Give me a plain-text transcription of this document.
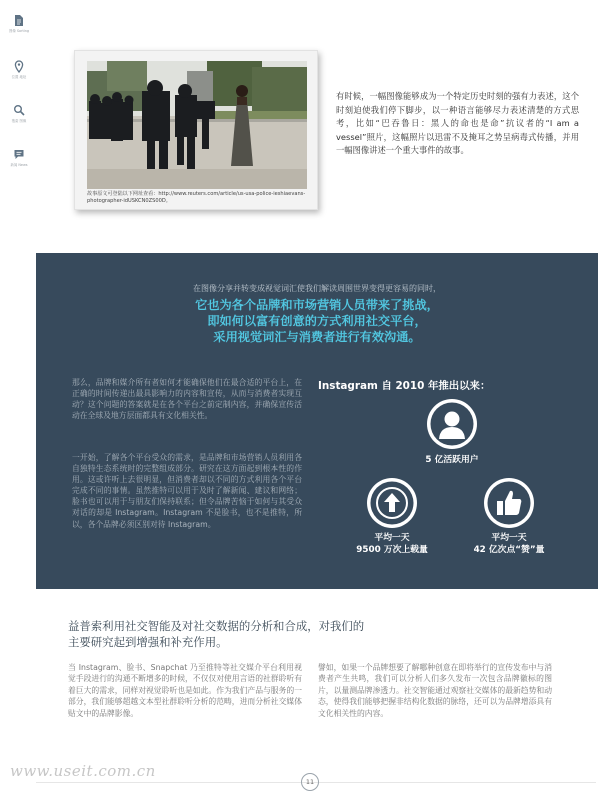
图像 Sorting
位置 地址
搜索 图像
新闻 News
故事原文可登陆以下网址查看：http://www.reuters.com/article/us-usa-police-ieshiaevans-photographer-idUSKCN0ZS00D。
有时候，一幅图像能够成为一个特定历史时刻的强有力表述，这个时刻迫使我们停下脚步，以一种语言能够尽力表述清楚的方式思考，比如“巴吞鲁日：黑人的命也是命”抗议者的“I am a vessel”照片，这幅照片以迅雷不及掩耳之势呈病毒式传播，并用一幅图像讲述一个重大事件的故事。
在图像分享并转变成视觉词汇使我们解读周围世界变得更容易的同时，
它也为各个品牌和市场营销人员带来了挑战，
即如何以富有创意的方式利用社交平台，
采用视觉词汇与消费者进行有效沟通。
那么，品牌和媒介所有者如何才能确保他们在最合适的平台上，在正确的时间传递出最具影响力的内容和宣传，从而与消费者实现互动？这个问题的答案就是在各个平台之前定制内容，并确保宣传活动在全球及地方层面都具有文化相关性。
一开始，了解各个平台受众的需求，是品牌和市场营销人员利用各自独特生态系统时的完整组成部分。研究在这方面起到根本性的作用。这或许听上去很明显，但消费者却以不同的方式利用各个平台完成不同的事情。虽然推特可以用于及时了解新闻、建议和网络；脸书也可以用于与朋友们保持联系；但令品牌苦恼于如何与其受众对话的却是 Instagram。Instagram 不是脸书，也不是推特，所以，各个品牌必须区别对待 Instagram。
Instagram 自 2010 年推出以来：
5 亿活跃用户
平均一天
9500 万次上载量
平均一天
42 亿次点“赞”量
益普索利用社交智能及对社交数据的分析和合成，对我们的主要研究起到增强和补充作用。
当 Instagram、脸书、Snapchat 乃至推特等社交媒介平台利用视觉手段进行的沟通不断增多的时候，不仅仅对使用言语的社群聆听有着巨大的需求，同样对视觉聆听也是如此。作为我们产品与服务的一部分，我们能够超越文本型社群聆听分析的范畴，进而分析社交媒体贴文中的品牌影像。
譬如，如果一个品牌想要了解哪种创意在即将举行的宣传发布中与消费者产生共鸣，我们可以分析人们多久发布一次包含品牌徽标的图片，以量测品牌渗透力。社交智能通过观察社交媒体的最新趋势和动态，使得我们能够把握非结构化数据的脉络，还可以为品牌增添具有文化相关性的内容。
www.useit.com.cn
11
